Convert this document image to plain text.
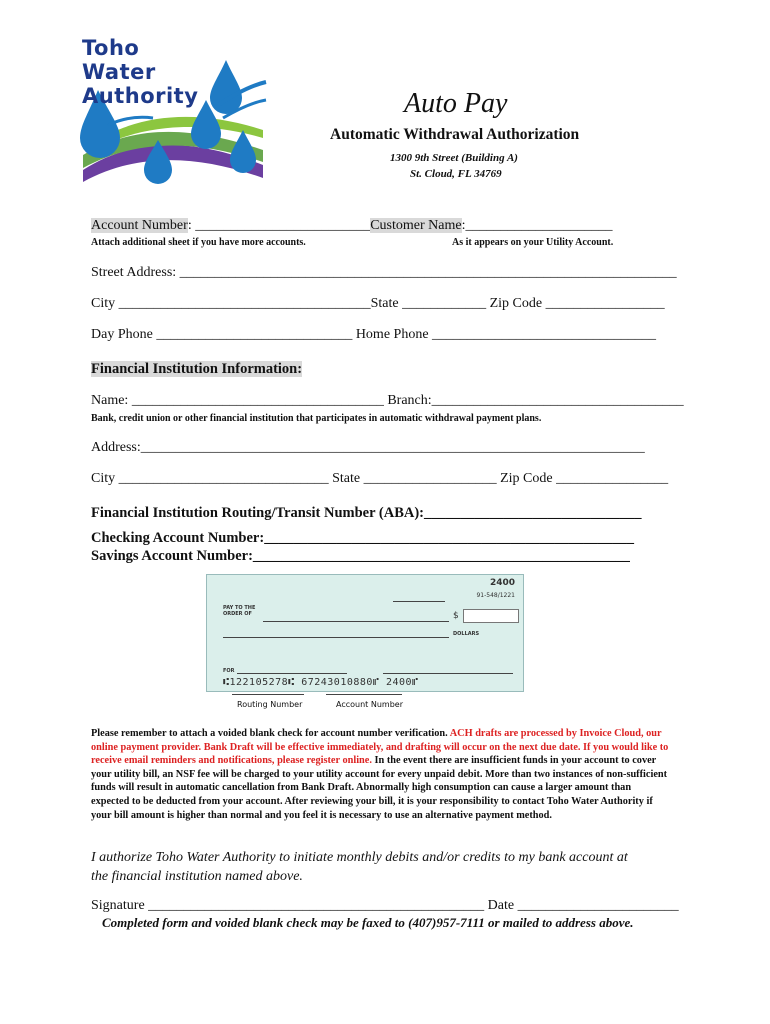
Toho
Water
Authority	Auto Pay
Automatic Withdrawal Authorization
1300 9th Street (Building A)
St. Cloud, FL 34769
Account Number: _________________________Customer Name:_____________________
Attach additional sheet if you have more accounts.	As it appears on your Utility Account.
Street Address: _______________________________________________________________________
City ____________________________________State ____________ Zip Code _________________
Day Phone ____________________________ Home Phone ________________________________
Financial Institution Information:
Name: ____________________________________ Branch:____________________________________
Bank, credit union or other financial institution that participates in automatic withdrawal payment plans.
Address:________________________________________________________________________
City ______________________________ State ___________________ Zip Code ________________
Financial Institution Routing/Transit Number (ABA):______________________________
Checking Account Number:___________________________________________________
Savings Account Number:____________________________________________________
2400
91-548/1221
PAY TO THE ORDER OF	$
DOLLARS
FOR
⑆122105278⑆ 67243010880⑈ 2400⑈
Routing Number	Account Number
Please remember to attach a voided blank check for account number verification. ACH drafts are processed by Invoice Cloud, our online payment provider. Bank Draft will be effective immediately, and drafting will occur on the next due date. If you would like to receive email reminders and notifications, please register online. In the event there are insufficient funds in your account to cover your utility bill, an NSF fee will be charged to your utility account for every unpaid debit. More than two instances of non-sufficient funds will result in automatic cancellation from Bank Draft. Abnormally high consumption can cause a larger amount than expected to be deducted from your account. After reviewing your bill, it is your responsibility to contact Toho Water Authority if your bill amount is higher than normal and you feel it is necessary to use an alternative payment method.
I authorize Toho Water Authority to initiate monthly debits and/or credits to my bank account at
the financial institution named above.
Signature ________________________________________________ Date _______________________
Completed form and voided blank check may be faxed to (407)957-7111 or mailed to address above.
